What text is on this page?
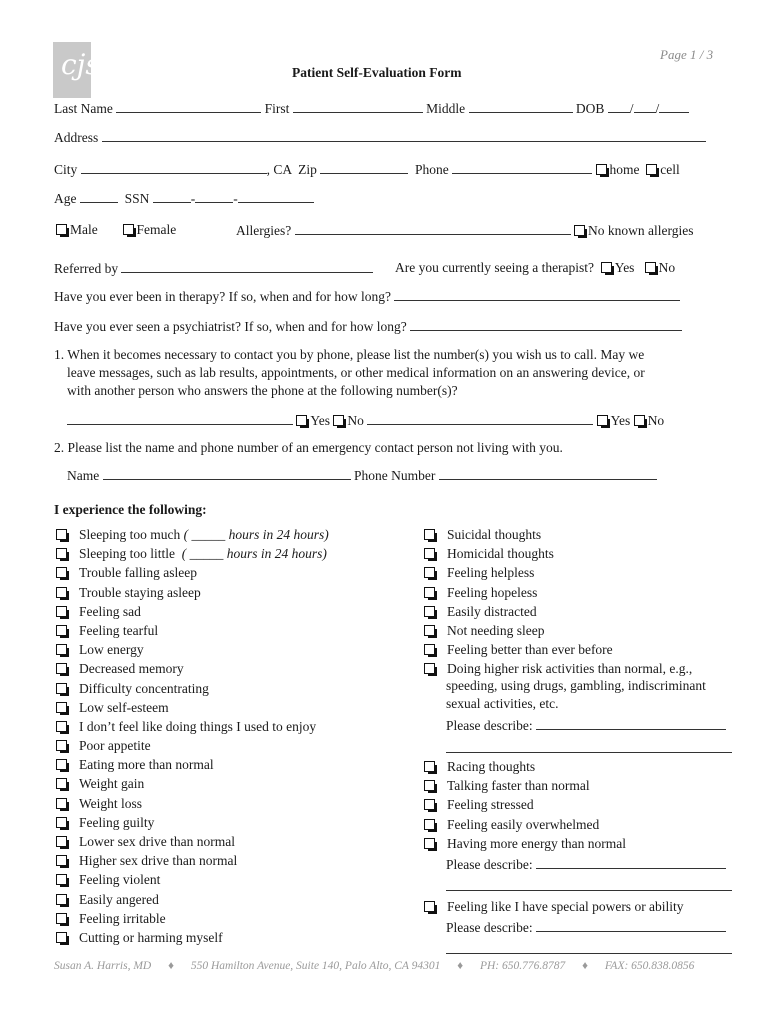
cjs	Page 1 / 3
Patient Self-Evaluation Form
Last Name	First	Middle	DOB / /
Address
City	, CA Zip	Phone	home cell
Age	SSN	-	-
Male	Female	Allergies?	No known allergies
Referred by	Are you currently seeing a therapist? Yes No
Have you ever been in therapy? If so, when and for how long?
Have you ever seen a psychiatrist? If so, when and for how long?
1. When it becomes necessary to contact you by phone, please list the number(s) you wish us to call. May we
leave messages, such as lab results, appointments, or other medical information on an answering device, or
with another person who answers the phone at the following number(s)?
Yes No	Yes No
2. Please list the name and phone number of an emergency contact person not living with you.
Name	Phone Number
I experience the following:
Sleeping too much ( _____ hours in 24 hours)
Sleeping too little ( _____ hours in 24 hours)
Trouble falling asleep
Trouble staying asleep
Feeling sad
Feeling tearful
Low energy
Decreased memory
Difficulty concentrating
Low self-esteem
I don’t feel like doing things I used to enjoy
Poor appetite
Eating more than normal
Weight gain
Weight loss
Feeling guilty
Lower sex drive than normal
Higher sex drive than normal
Feeling violent
Easily angered
Feeling irritable
Cutting or harming myself
Suicidal thoughts
Homicidal thoughts
Feeling helpless
Feeling hopeless
Easily distracted
Not needing sleep
Feeling better than ever before
Doing higher risk activities than normal, e.g.,
speeding, using drugs, gambling, indiscriminant
sexual activities, etc.
Please describe:
Racing thoughts
Talking faster than normal
Feeling stressed
Feeling easily overwhelmed
Having more energy than normal
Please describe:
Feeling like I have special powers or ability
Please describe:
Susan A. Harris, MD ♦ 550 Hamilton Avenue, Suite 140, Palo Alto, CA 94301 ♦ PH: 650.776.8787 ♦ FAX: 650.838.0856
